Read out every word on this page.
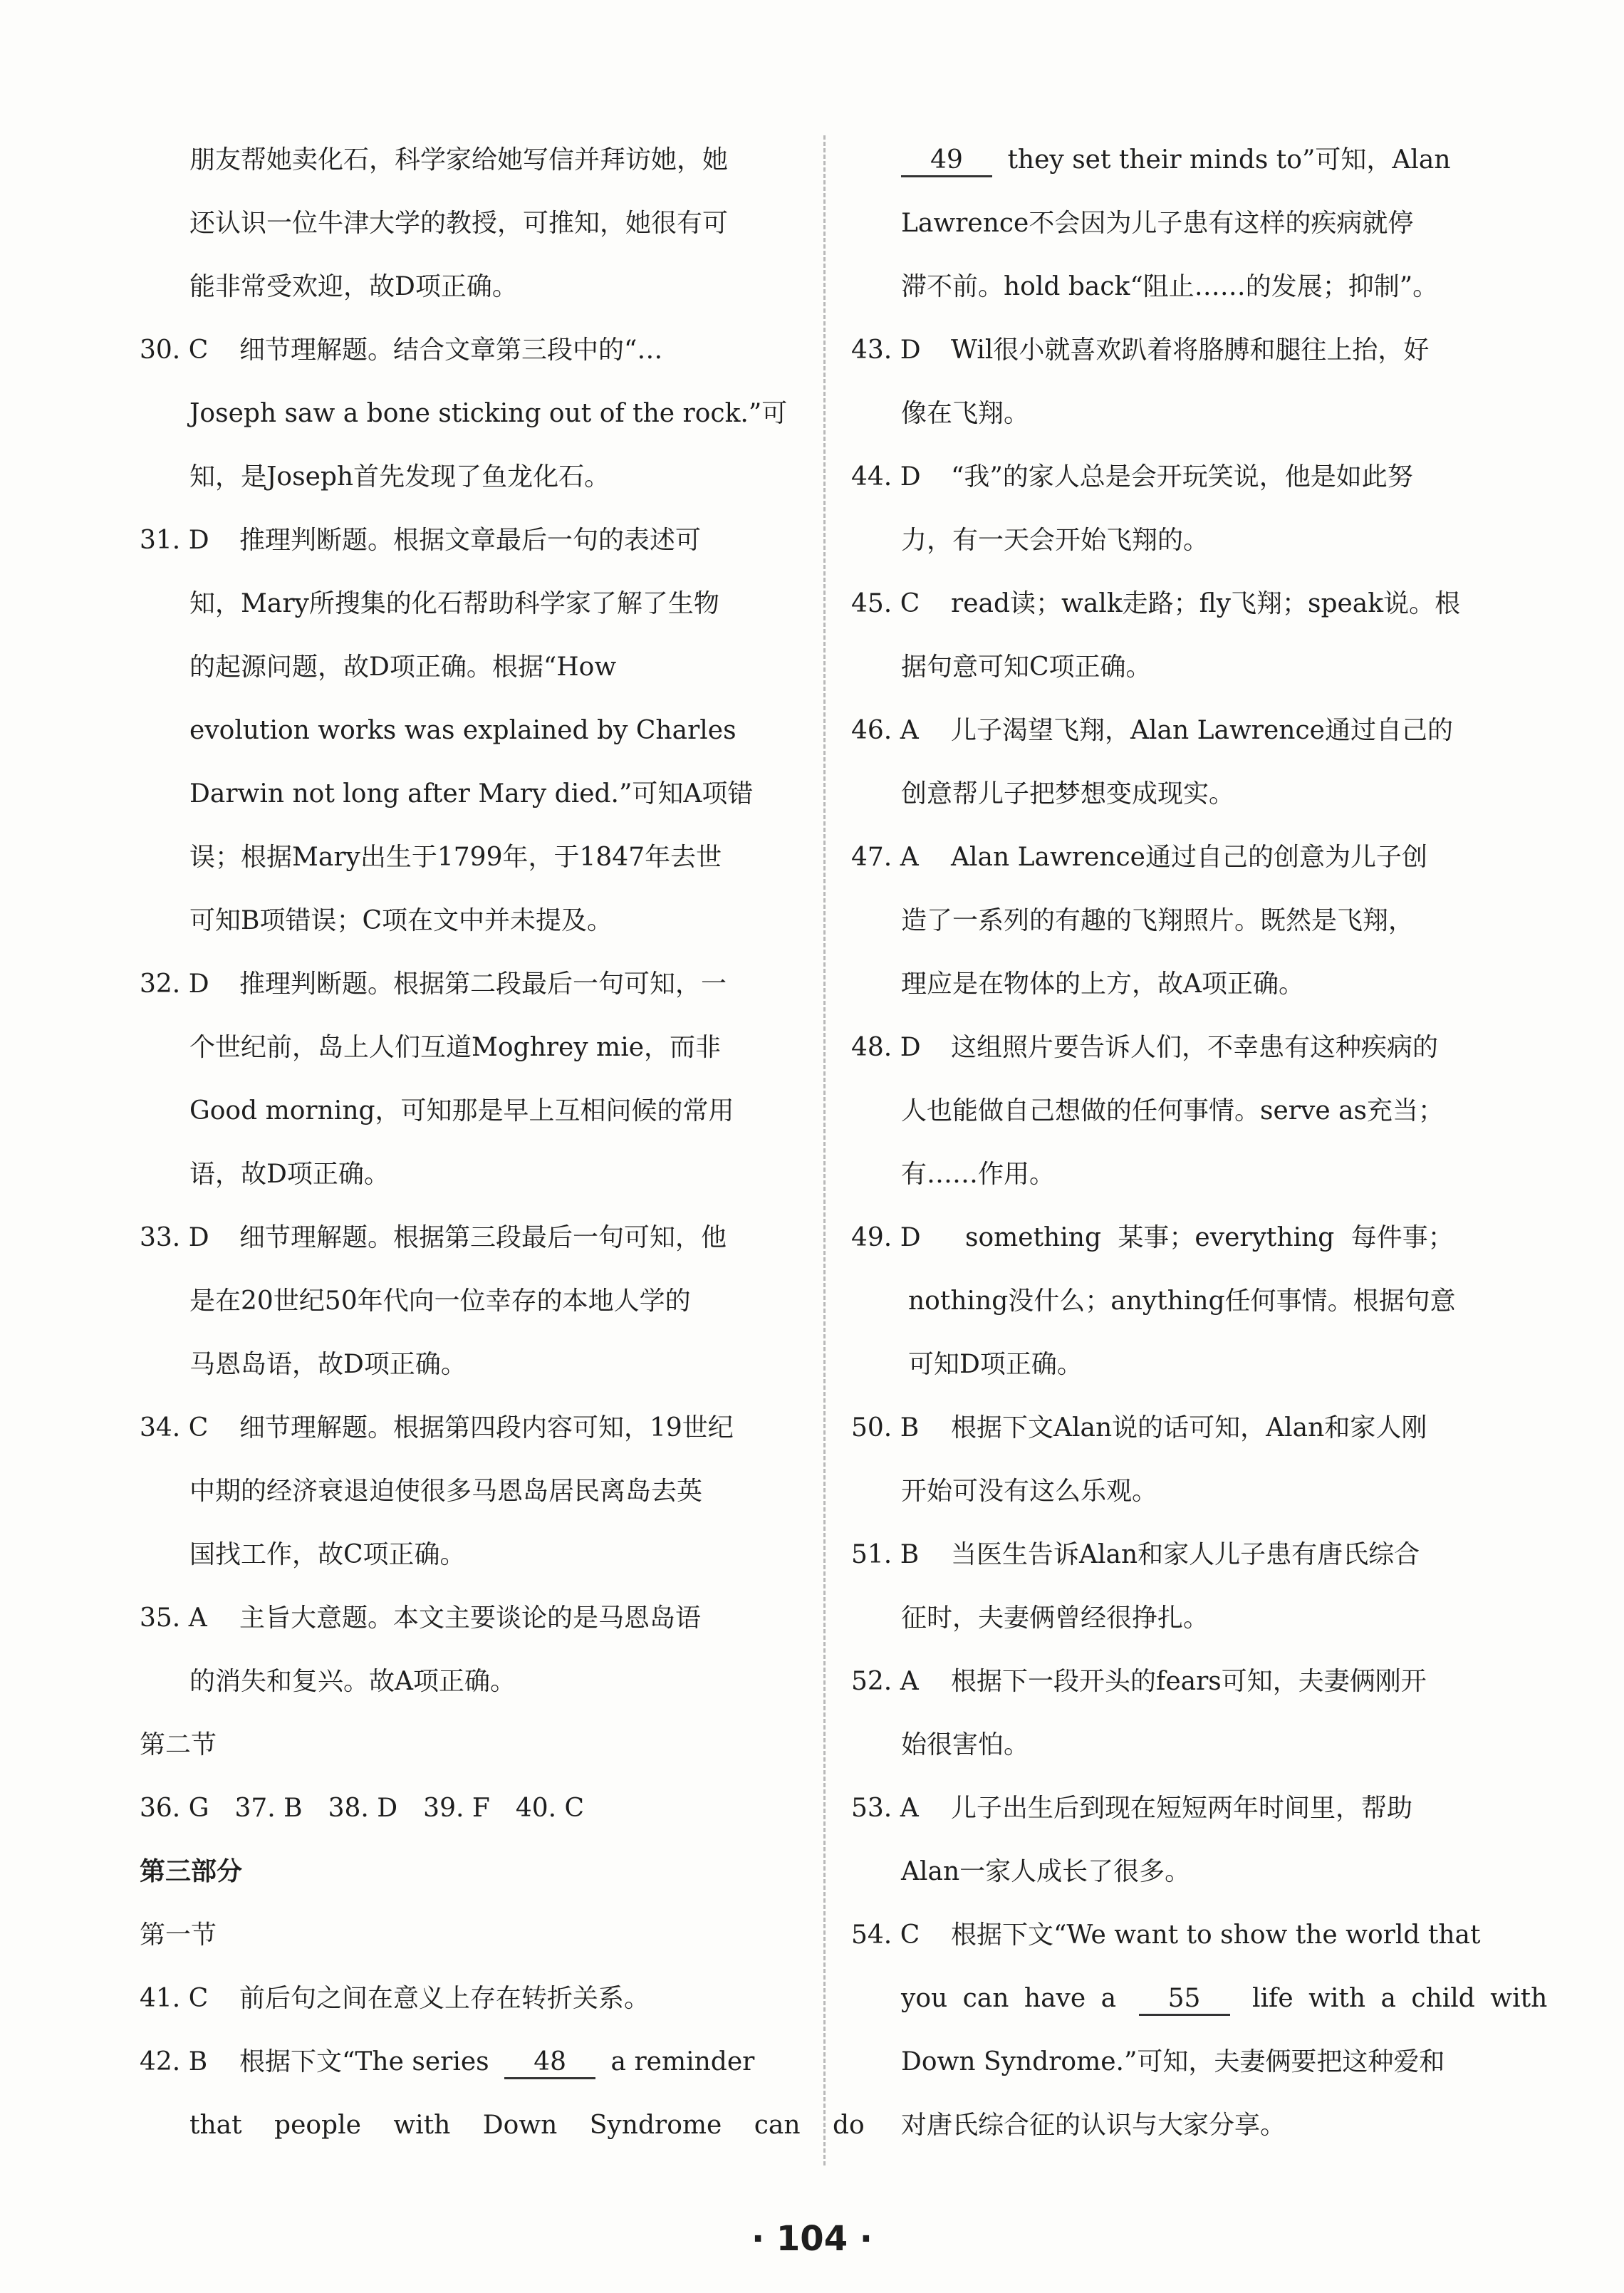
朋友帮她卖化石，科学家给她写信并拜访她，她
还认识一位牛津大学的教授，可推知，她很有可
能非常受欢迎，故D项正确。
30. C 细节理解题。结合文章第三段中的“…
Joseph saw a bone sticking out of the rock.”可
知，是Joseph首先发现了鱼龙化石。
31. D 推理判断题。根据文章最后一句的表述可
知，Mary所搜集的化石帮助科学家了解了生物
的起源问题，故D项正确。根据“How
evolution works was explained by Charles
Darwin not long after Mary died.”可知A项错
误；根据Mary出生于1799年，于1847年去世
可知B项错误；C项在文中并未提及。
32. D 推理判断题。根据第二段最后一句可知，一
个世纪前，岛上人们互道Moghrey mie，而非
Good morning，可知那是早上互相问候的常用
语，故D项正确。
33. D 细节理解题。根据第三段最后一句可知，他
是在20世纪50年代向一位幸存的本地人学的
马恩岛语，故D项正确。
34. C 细节理解题。根据第四段内容可知，19世纪
中期的经济衰退迫使很多马恩岛居民离岛去英
国找工作，故C项正确。
35. A 主旨大意题。本文主要谈论的是马恩岛语
的消失和复兴。故A项正确。
第二节
36. G　37. B　38. D　39. F　40. C
第三部分
第一节
41. C 前后句之间在意义上存在转折关系。
42. B 根据下文“The series 48 a reminder
that people with Down Syndrome can do
49 they set their minds to”可知，Alan
Lawrence不会因为儿子患有这样的疾病就停
滞不前。hold back“阻止……的发展；抑制”。
43. D Wil很小就喜欢趴着将胳膊和腿往上抬，好
像在飞翔。
44. D “我”的家人总是会开玩笑说，他是如此努
力，有一天会开始飞翔的。
45. C read读；walk走路；fly飞翔；speak说。根
据句意可知C项正确。
46. A 儿子渴望飞翔，Alan Lawrence通过自己的
创意帮儿子把梦想变成现实。
47. A Alan Lawrence通过自己的创意为儿子创
造了一系列的有趣的飞翔照片。既然是飞翔，
理应是在物体的上方，故A项正确。
48. D 这组照片要告诉人们，不幸患有这种疾病的
人也能做自己想做的任何事情。serve as充当；
有……作用。
49. D something 某事；everything 每件事；
nothing没什么；anything任何事情。根据句意
可知D项正确。
50. B 根据下文Alan说的话可知，Alan和家人刚
开始可没有这么乐观。
51. B 当医生告诉Alan和家人儿子患有唐氏综合
征时，夫妻俩曾经很挣扎。
52. A 根据下一段开头的fears可知，夫妻俩刚开
始很害怕。
53. A 儿子出生后到现在短短两年时间里，帮助
Alan一家人成长了很多。
54. C 根据下文“We want to show the world that
you can have a 55 life with a child with
Down Syndrome.”可知，夫妻俩要把这种爱和
对唐氏综合征的认识与大家分享。
· 104 ·
